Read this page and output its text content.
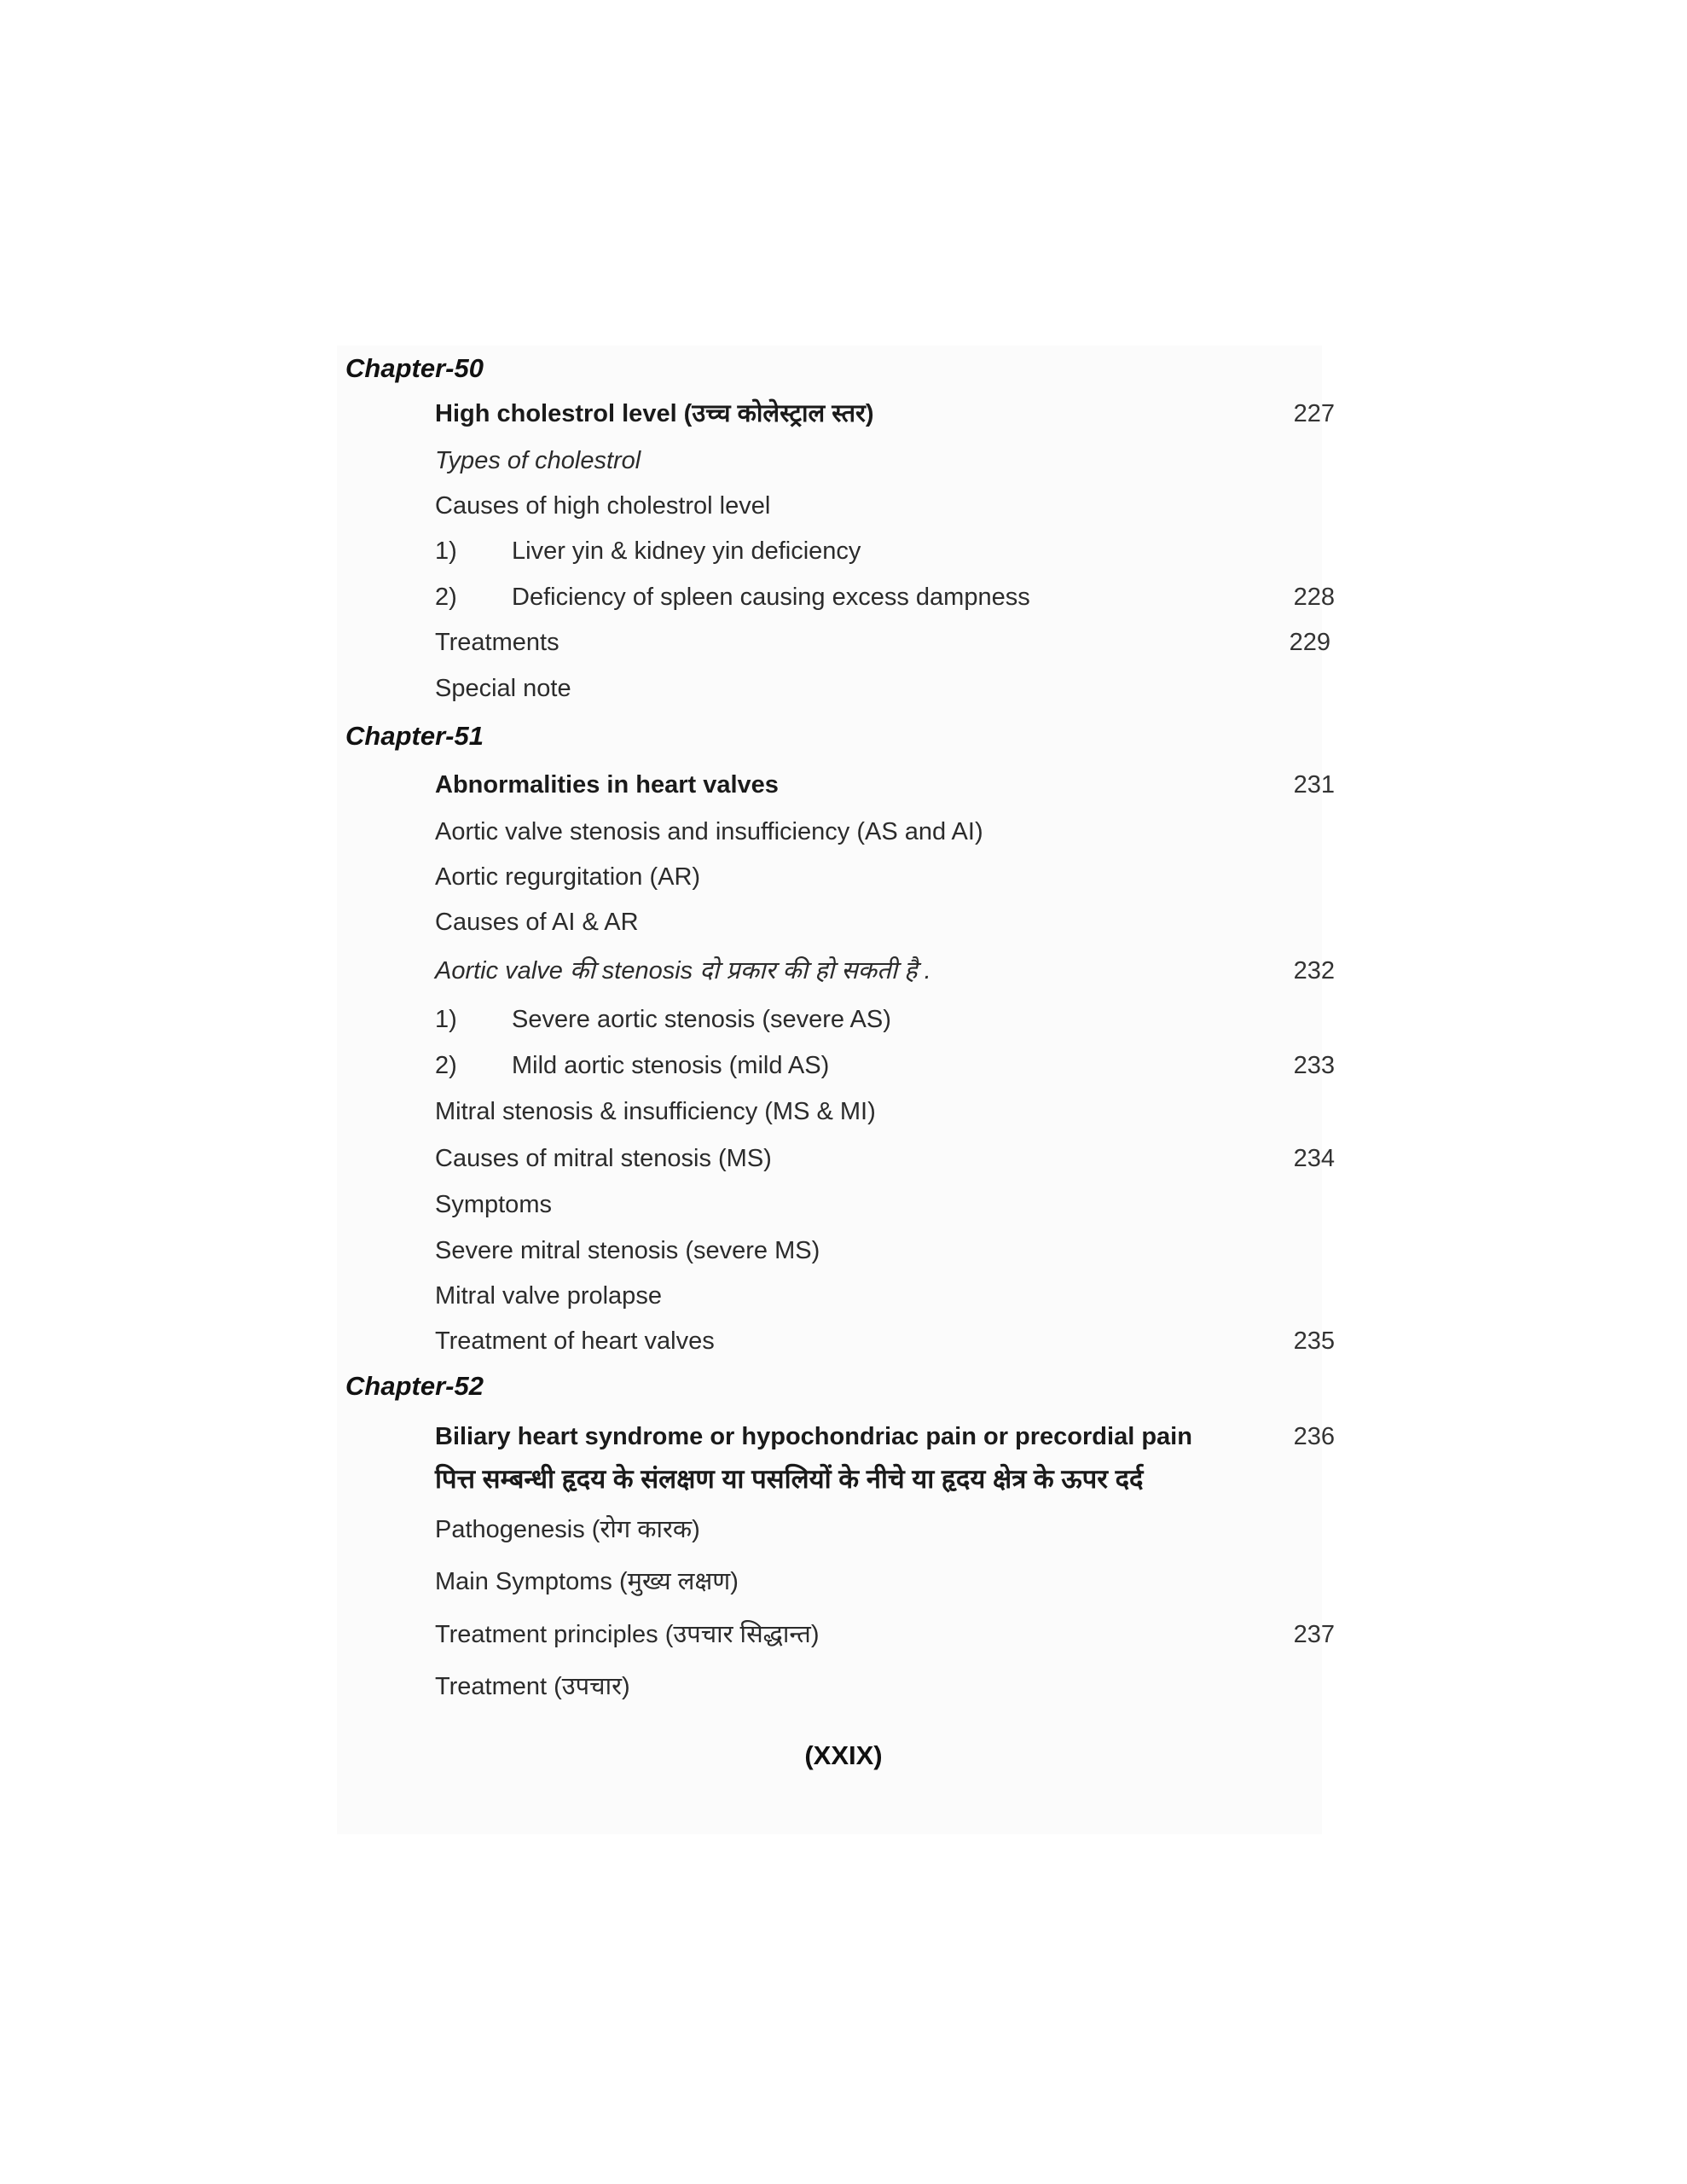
Chapter-50
High cholestrol level (उच्च कोलेस्ट्राल स्तर)	227
Types of cholestrol
Causes of high cholestrol level
1) Liver yin & kidney yin deficiency
2) Deficiency of spleen causing excess dampness	228
Treatments	229
Special note
Chapter-51
Abnormalities in heart valves	231
Aortic valve stenosis and insufficiency (AS and AI)
Aortic regurgitation (AR)
Causes of AI & AR
Aortic valve की stenosis दो प्रकार की हो सकती है .	232
1) Severe aortic stenosis (severe AS)
2) Mild aortic stenosis (mild AS)	233
Mitral stenosis & insufficiency (MS & MI)
Causes of mitral stenosis (MS)	234
Symptoms
Severe mitral stenosis (severe MS)
Mitral valve prolapse
Treatment of heart valves	235
Chapter-52
Biliary heart syndrome or hypochondriac pain or precordial pain	236
पित्त सम्बन्धी हृदय के संलक्षण या पसलियों के नीचे या हृदय क्षेत्र के ऊपर दर्द
Pathogenesis (रोग कारक)
Main Symptoms (मुख्य लक्षण)
Treatment principles (उपचार सिद्धान्त)	237
Treatment (उपचार)
(XXIX)
